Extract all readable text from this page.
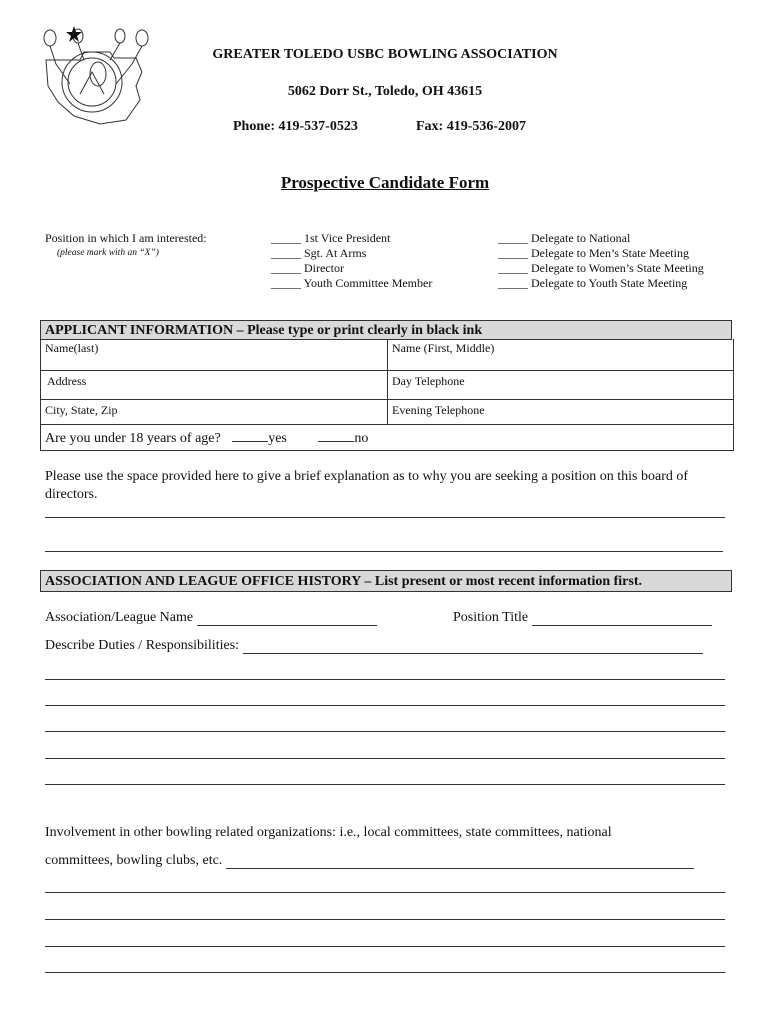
GREATER TOLEDO USBC BOWLING ASSOCIATION
5062 Dorr St., Toledo, OH 43615
Phone: 419-537-0523	Fax: 419-536-2007
Prospective Candidate Form
Position in which I am interested:
(please mark with an “X”)
_____ 1st Vice President
_____ Sgt. At Arms
_____ Director
_____ Youth Committee Member
_____ Delegate to National
_____ Delegate to Men’s State Meeting
_____ Delegate to Women’s State Meeting
_____ Delegate to Youth State Meeting
APPLICANT INFORMATION – Please type or print clearly in black ink
Name(last)	Name (First, Middle)
Address	Day Telephone
City, State, Zip	Evening Telephone
Are you under 18 years of age?	yes	no
Please use the space provided here to give a brief explanation as to why you are seeking a position on this board of directors.
ASSOCIATION AND LEAGUE OFFICE HISTORY – List present or most recent information first.
Association/League Name	Position Title
Describe Duties / Responsibilities:
Involvement in other bowling related organizations: i.e., local committees, state committees, national
committees, bowling clubs, etc.
